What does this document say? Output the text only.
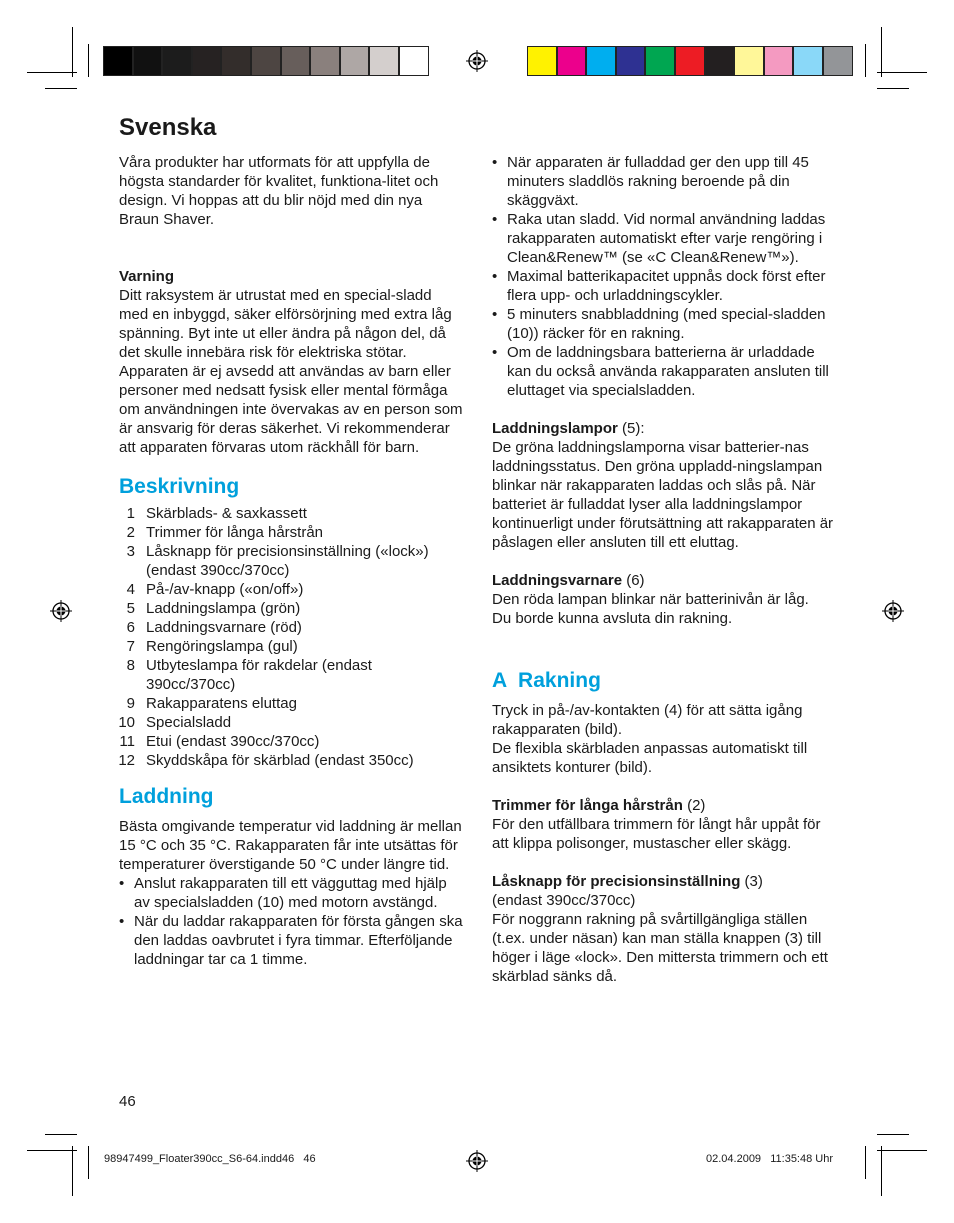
Svenska

Våra produkter har utformats för att uppfylla de högsta standarder för kvalitet, funktiona-litet och design. Vi hoppas att du blir nöjd med din nya Braun Shaver.

Varning

Ditt raksystem är utrustat med en special-sladd med en inbyggd, säker elförsörjning med extra låg spänning. Byt inte ut eller ändra på någon del, då det skulle innebära risk för elektriska stötar.

Apparaten är ej avsedd att användas av barn eller personer med nedsatt fysisk eller mental förmåga om användningen inte övervakas av en person som är ansvarig för deras säkerhet. Vi rekommenderar att apparaten förvaras utom räckhåll för barn.

Beskrivning
1 Skärblads- & saxkassett
2 Trimmer för långa hårstrån
3 Låsknapp för precisionsinställning («lock») (endast 390cc/370cc)
4 På-/av-knapp («on/off»)
5 Laddningslampa (grön)
6 Laddningsvarnare (röd)
7 Rengöringslampa (gul)
8 Utbyteslampa för rakdelar (endast 390cc/370cc)
9 Rakapparatens eluttag
10 Specialsladd
11 Etui (endast 390cc/370cc)
12 Skyddskåpa för skärblad (endast 350cc)
Laddning

Bästa omgivande temperatur vid laddning är mellan 15 °C och 35 °C. Rakapparaten får inte utsättas för temperaturer överstigande 50 °C under längre tid.

• Anslut rakapparaten till ett vägguttag med hjälp av specialsladden (10) med motorn avstängd.
• När du laddar rakapparaten för första gången ska den laddas oavbrutet i fyra timmar. Efterföljande laddningar tar ca 1 timme.
• När apparaten är fulladdad ger den upp till 45 minuters sladdlös rakning beroende på din skäggväxt.
• Raka utan sladd. Vid normal användning laddas rakapparaten automatiskt efter varje rengöring i Clean&Renew™ (se «C Clean&Renew™»).
• Maximal batterikapacitet uppnås dock först efter flera upp- och urladdningscykler.
• 5 minuters snabbladdning (med special-sladden (10)) räcker för en rakning.
• Om de laddningsbara batterierna är urladdade kan du också använda rakapparaten ansluten till eluttaget via specialsladden.

Laddningslampor (5):

De gröna laddningslamporna visar batterier-nas laddningsstatus. Den gröna uppladd-ningslampan blinkar när rakapparaten laddas och slås på. När batteriet är fulladdat lyser alla laddningslampor kontinuerligt under förutsättning att rakapparaten är påslagen eller ansluten till ett eluttag.

Laddningsvarnare (6)

Den röda lampan blinkar när batterinivån är låg.

Du borde kunna avsluta din rakning.

A  Rakning

Tryck in på-/av-kontakten (4) för att sätta igång rakapparaten (bild).

De flexibla skärbladen anpassas automatiskt till ansiktets konturer (bild).

Trimmer för långa hårstrån (2)

För den utfällbara trimmern för långt hår uppåt för att klippa polisonger, mustascher eller skägg.

Låsknapp för precisionsinställning (3)

(endast 390cc/370cc)

För noggrann rakning på svårtillgängliga ställen (t.ex. under näsan) kan man ställa knappen (3) till höger i läge «lock». Den mittersta trimmern och ett skärblad sänks då.

46
98947499_Floater390cc_S6-64.indd46   46	02.04.2009   11:35:48 Uhr
